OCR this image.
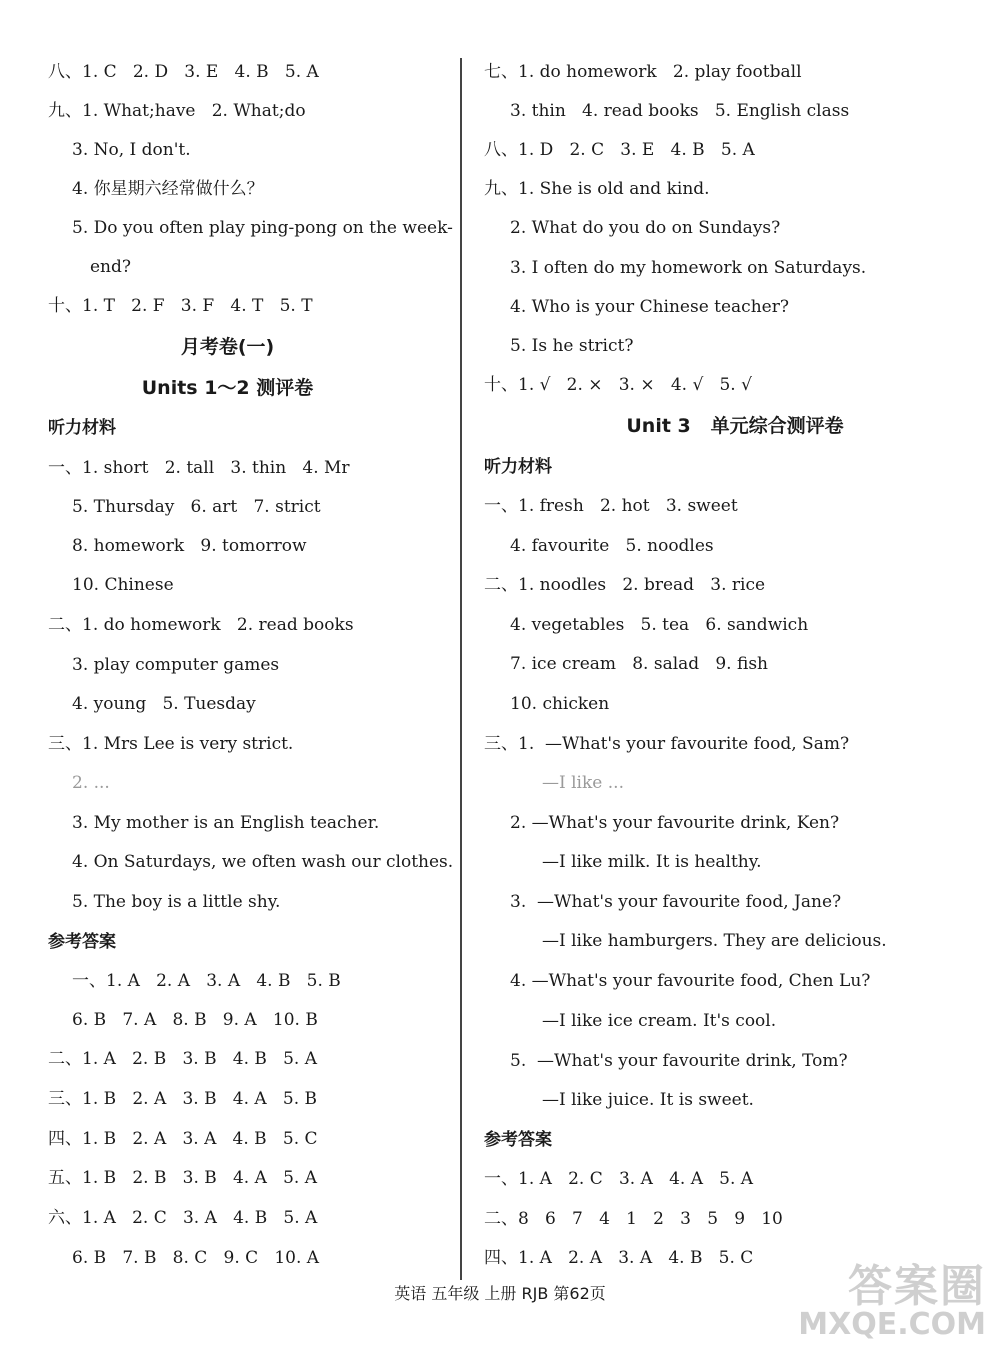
八、1. C   2. D   3. E   4. B   5. A
九、1. What;have   2. What;do
3. No, I don't.
4. 你星期六经常做什么？
5. Do you often play ping-pong on the week-
end?
十、1. T   2. F   3. F   4. T   5. T
月考卷(一)
Units 1～2 测评卷
听力材料
一、1. short   2. tall   3. thin   4. Mr
5. Thursday   6. art   7. strict
8. homework   9. tomorrow
10. Chinese
二、1. do homework   2. read books
3. play computer games
4. young   5. Tuesday
三、1. Mrs Lee is very strict.
2. ...
3. My mother is an English teacher.
4. On Saturdays, we often wash our clothes.
5. The boy is a little shy.
参考答案
一、1. A   2. A   3. A   4. B   5. B
6. B   7. A   8. B   9. A   10. B
二、1. A   2. B   3. B   4. B   5. A
三、1. B   2. A   3. B   4. A   5. B
四、1. B   2. A   3. A   4. B   5. C
五、1. B   2. B   3. B   4. A   5. A
六、1. A   2. C   3. A   4. B   5. A
6. B   7. B   8. C   9. C   10. A
七、1. do homework   2. play football
3. thin   4. read books   5. English class
八、1. D   2. C   3. E   4. B   5. A
九、1. She is old and kind.
2. What do you do on Sundays?
3. I often do my homework on Saturdays.
4. Who is your Chinese teacher?
5. Is he strict?
十、1. √   2. ×   3. ×   4. √   5. √
Unit 3   单元综合测评卷
听力材料
一、1. fresh   2. hot   3. sweet
4. favourite   5. noodles
二、1. noodles   2. bread   3. rice
4. vegetables   5. tea   6. sandwich
7. ice cream   8. salad   9. fish
10. chicken
三、1.  —What's your favourite food, Sam?
—I like ...
2. —What's your favourite drink, Ken?
—I like milk. It is healthy.
3.  —What's your favourite food, Jane?
—I like hamburgers. They are delicious.
4. —What's your favourite food, Chen Lu?
—I like ice cream. It's cool.
5.  —What's your favourite drink, Tom?
—I like juice. It is sweet.
参考答案
一、1. A   2. C   3. A   4. A   5. A
二、8   6   7   4   1   2   3   5   9   10
四、1. A   2. A   3. A   4. B   5. C
英语 五年级 上册 RJB 第62页	答案圈
MXQE.COM
